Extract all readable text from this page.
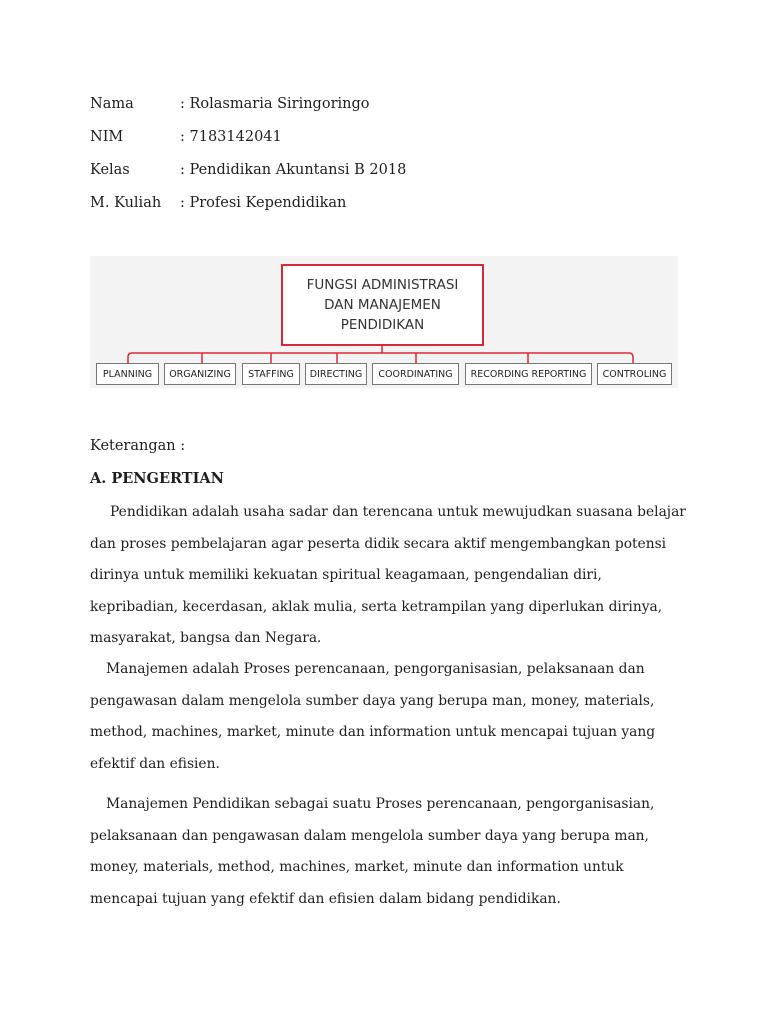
Nama	: Rolasmaria Siringoringo
NIM	: 7183142041
Kelas	: Pendidikan Akuntansi B 2018
M. Kuliah : Profesi Kependidikan
FUNGSI ADMINISTRASI
DAN MANAJEMEN
PENDIDIKAN
PLANNING	ORGANIZING	STAFFING	DIRECTING	COORDINATING	RECORDING REPORTING	CONTROLING
Keterangan :
A. PENGERTIAN

Pendidikan adalah usaha sadar dan terencana untuk mewujudkan suasana belajar dan proses pembelajaran agar peserta didik secara aktif mengembangkan potensi dirinya untuk memiliki kekuatan spiritual keagamaan, pengendalian diri, kepribadian, kecerdasan, aklak mulia, serta ketrampilan yang diperlukan dirinya, masyarakat, bangsa dan Negara.

Manajemen adalah Proses perencanaan, pengorganisasian, pelaksanaan dan pengawasan dalam mengelola sumber daya yang berupa man, money, materials, method, machines, market, minute dan information untuk mencapai tujuan yang efektif dan efisien.

Manajemen Pendidikan sebagai suatu Proses perencanaan, pengorganisasian, pelaksanaan dan pengawasan dalam mengelola sumber daya yang berupa man, money, materials, method, machines, market, minute dan information untuk mencapai tujuan yang efektif dan efisien dalam bidang pendidikan.
